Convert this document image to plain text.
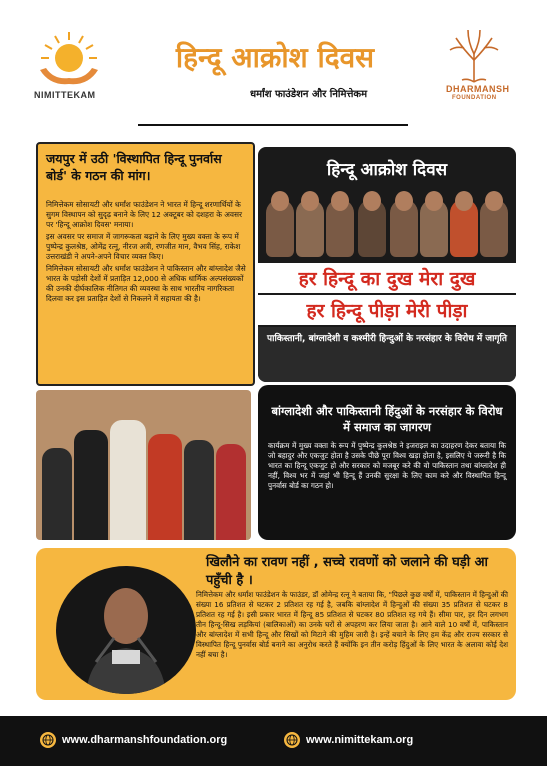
NIMITTEKAM
हिन्दू आक्रोश दिवस
धर्मांश फाउंडेशन और निमित्तेकम	DHARMANSH
FOUNDATION
जयपुर में उठी 'विस्थापित हिन्दू पुनर्वास बोर्ड' के गठन की मांग।

निमित्तेकम सोसायटी और धर्मांश फाउंडेशन ने भारत में हिन्दू शरणार्थियों के सुगम विस्थापन को सुदृढ़ बनाने के लिए 12 अक्टूबर को दशहरा के अवसर पर 'हिन्दू आक्रोश दिवस' मनाया।

इस अवसर पर समाज में जागरूकता बढ़ाने के लिए मुख्य वक्ता के रूप में पुष्पेन्द्र कुलश्रेष्ठ, ओमेंद्र रत्नू, नीरज अत्री, रणजीत मान, वैभव सिंह, राकेश उत्तराखंडी ने अपने-अपने विचार व्यक्त किए।

निमित्तेकम सोसायटी और धर्मांश फाउंडेशन ने पाकिस्तान और बांग्लादेश जैसे भारत के पड़ोसी देशों में प्रताड़ित 12,000 से अधिक धार्मिक अल्पसंख्यकों की उनकी दीर्घकालिक नीतिगत की व्यवस्था के साथ भारतीय नागरिकता दिलवा कर इस प्रताड़ित देशों से निकलने में सहायता की है।

हिन्दू आक्रोश दिवस
हर हिन्दू का दुख मेरा दुख
हर हिन्दू पीड़ा मेरी पीड़ा
पाकिस्तानी, बांग्लादेशी व कश्मीरी हिन्दुओं के नरसंहार के विरोध में जागृति
बांग्लादेशी और पाकिस्तानी हिंदुओं के नरसंहार के विरोध में समाज का जागरण
कार्यक्रम में मुख्य वक्ता के रूप में पुष्पेन्द्र कुलश्रेष्ठ ने इजराइल का उदाहरण देकर बताया कि जो बहादुर और एकजुट होता है उसके पीछे पूरा विश्व खड़ा होता है, इसलिए ये जरूरी है कि भारत का हिन्दू एकजुट हो और सरकार को मजबूर करे की वो पाकिस्तान तथा बांग्लादेश ही नहीं, विश्व भर में जहां भी हिन्दू हैं उनकी सुरक्षा के लिए काम करे और विस्थापित हिन्दू पुनर्वास बोर्ड का गठन हो।
खिलौने का रावण नहीं , सच्चे रावणों को जलाने की घड़ी आ पहुँची है ।
निमित्तेकम और धर्मांश फाउंडेशन के फाउंडर, डॉ ओमेन्द्र रत्नू ने बताया कि, "पिछले कुछ वर्षों में, पाकिस्तान में हिन्दुओं की संख्या 16 प्रतिशत से घटकर 2 प्रतिशत रह गई है, जबकि बांग्लादेश में हिन्दुओं की संख्या 35 प्रतिशत से घटकर 8 प्रतिशत रह गई है। इसी प्रकार भारत में हिन्दू 85 प्रतिशत से घटकर 80 प्रतिशत रह गये हैं। सीमा पार, हर दिन लगभग तीन हिन्दू-सिख लड़कियां (बालिकाओं) का उनके घरों से अपहरण कर लिया जाता है। आने वाले 10 वर्षों में, पाकिस्तान और बांग्लादेश में सभी हिन्दू और सिखों को मिटाने की मुहिम जारी है। इन्हें बचाने के लिए हम केंद्र और राज्य सरकार से विस्थापित हिन्दू पुनर्वास बोर्ड बनाने का अनुरोध करते हैं क्योंकि इन तीन करोड़ हिंदुओं के लिए भारत के अलावा कोई देश नहीं बचा है।
www.dharmanshfoundation.org	www.nimittekam.org
